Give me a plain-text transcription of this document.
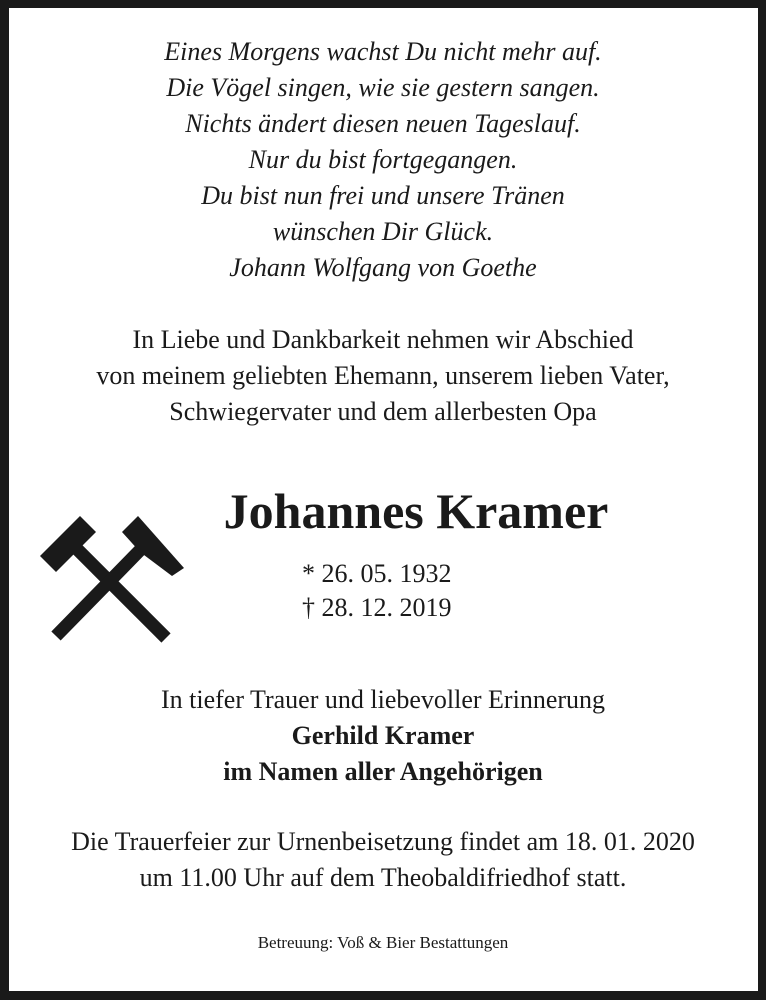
Eines Morgens wachst Du nicht mehr auf.
Die Vögel singen, wie sie gestern sangen.
Nichts ändert diesen neuen Tageslauf.
Nur du bist fortgegangen.
Du bist nun frei und unsere Tränen
wünschen Dir Glück.
Johann Wolfgang von Goethe
In Liebe und Dankbarkeit nehmen wir Abschied
von meinem geliebten Ehemann, unserem lieben Vater,
Schwiegervater und dem allerbesten Opa
Johannes Kramer
* 26. 05. 1932
† 28. 12. 2019
In tiefer Trauer und liebevoller Erinnerung
Gerhild Kramer
im Namen aller Angehörigen
Die Trauerfeier zur Urnenbeisetzung findet am 18. 01. 2020
um 11.00 Uhr auf dem Theobaldifriedhof statt.
Betreuung: Voß & Bier Bestattungen
